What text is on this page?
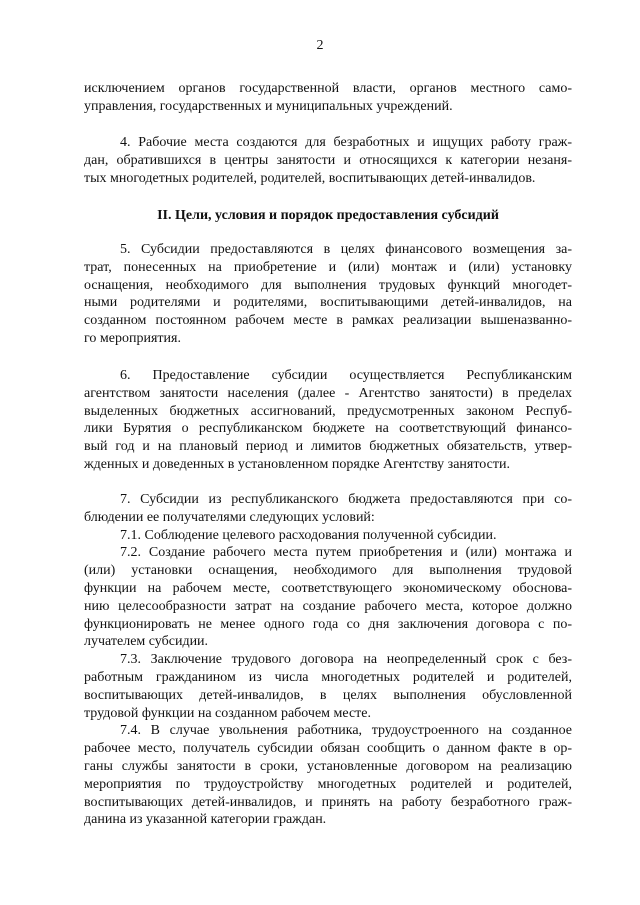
2
исключением органов государственной власти, органов местного само-
управления, государственных и муниципальных учреждений.
4. Рабочие места создаются для безработных и ищущих работу граж-
дан, обратившихся в центры занятости и относящихся к категории незаня-
тых многодетных родителей, родителей, воспитывающих детей-инвалидов.
II. Цели, условия и порядок предоставления субсидий
5. Субсидии предоставляются в целях финансового возмещения за-
трат, понесенных на приобретение и (или) монтаж и (или) установку
оснащения, необходимого для выполнения трудовых функций многодет-
ными родителями и родителями, воспитывающими детей-инвалидов, на
созданном постоянном рабочем месте в рамках реализации вышеназванно-
го мероприятия.
6. Предоставление субсидии осуществляется Республиканским
агентством занятости населения (далее - Агентство занятости) в пределах
выделенных бюджетных ассигнований, предусмотренных законом Респуб-
лики Бурятия о республиканском бюджете на соответствующий финансо-
вый год и на плановый период и лимитов бюджетных обязательств, утвер-
жденных и доведенных в установленном порядке Агентству занятости.
7. Субсидии из республиканского бюджета предоставляются при со-
блюдении ее получателями следующих условий:
7.1. Соблюдение целевого расходования полученной субсидии.
7.2. Создание рабочего места путем приобретения и (или) монтажа и
(или) установки оснащения, необходимого для выполнения трудовой
функции на рабочем месте, соответствующего экономическому обоснова-
нию целесообразности затрат на создание рабочего места, которое должно
функционировать не менее одного года со дня заключения договора с по-
лучателем субсидии.
7.3. Заключение трудового договора на неопределенный срок с без-
работным гражданином из числа многодетных родителей и родителей,
воспитывающих детей-инвалидов, в целях выполнения обусловленной
трудовой функции на созданном рабочем месте.
7.4. В случае увольнения работника, трудоустроенного на созданное
рабочее место, получатель субсидии обязан сообщить о данном факте в ор-
ганы службы занятости в сроки, установленные договором на реализацию
мероприятия по трудоустройству многодетных родителей и родителей,
воспитывающих детей-инвалидов, и принять на работу безработного граж-
данина из указанной категории граждан.
